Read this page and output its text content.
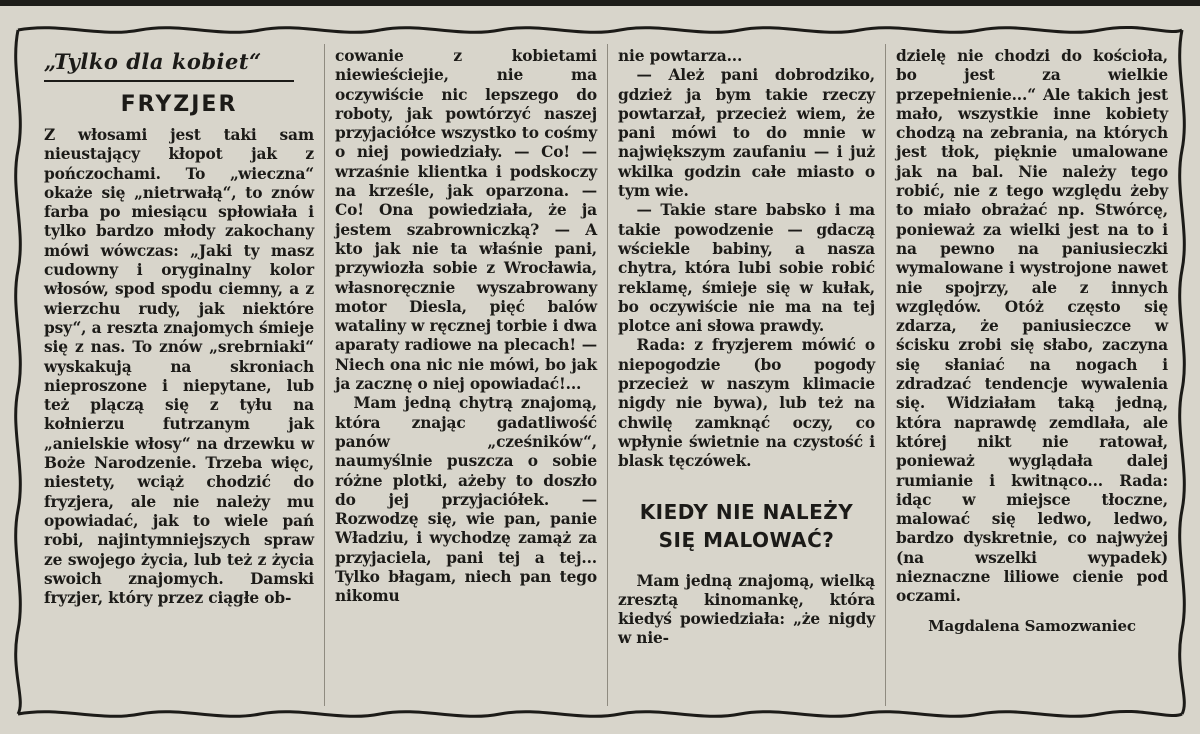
„Tylko dla kobiet“
FRYZJER

Z włosami jest taki sam nieustający kłopot jak z pończochami. To „wieczna“ okaże się „nietrwałą“, to znów farba po miesiącu spłowiała i tylko bardzo młody zakochany mówi wówczas: „Jaki ty masz cudowny i oryginalny kolor włosów, spod spodu ciemny, a z wierzchu rudy, jak niektóre psy“, a reszta znajomych śmieje się z nas. To znów „srebrniaki“ wyskakują na skroniach nieproszone i niepytane, lub też plączą się z tyłu na kołnierzu futrzanym jak „anielskie włosy“ na drzewku w Boże Narodzenie. Trzeba więc, niestety, wciąż chodzić do fryzjera, ale nie należy mu opowiadać, jak to wiele pań robi, najintymniejszych spraw ze swojego życia, lub też z życia swoich znajomych. Damski fryzjer, który przez ciągłe ob-

cowanie z kobietami niewieściejie, nie ma oczywiście nic lepszego do roboty, jak powtórzyć naszej przyjaciółce wszystko to cośmy o niej powiedziały. — Co! — wrzaśnie klientka i podskoczy na krześle, jak oparzona. — Co! Ona powiedziała, że ja jestem szabrowniczką? — A kto jak nie ta właśnie pani, przywiozła sobie z Wrocławia, własnoręcznie wyszabrowany motor Diesla, pięć balów wataliny w ręcznej torbie i dwa aparaty radiowe na plecach! — Niech ona nic nie mówi, bo jak ja zacznę o niej opowiadać!...

Mam jedną chytrą znajomą, która znając gadatliwość panów „cześników“, naumyślnie puszcza o sobie różne plotki, ażeby to doszło do jej przyjaciółek. — Rozwodzę się, wie pan, panie Władziu, i wychodzę zamąż za przyjaciela, pani tej a tej... Tylko błagam, niech pan tego nikomu

nie powtarza...

— Ależ pani dobrodziko, gdzież ja bym takie rzeczy powtarzał, przecież wiem, że pani mówi to do mnie w największym zaufaniu — i już wkilka godzin całe miasto o tym wie.

— Takie stare babsko i ma takie powodzenie — gdaczą wściekle babiny, a nasza chytra, która lubi sobie robić reklamę, śmieje się w kułak, bo oczywiście nie ma na tej plotce ani słowa prawdy.

Rada: z fryzjerem mówić o niepogodzie (bo pogody przecież w naszym klimacie nigdy nie bywa), lub też na chwilę zamknąć oczy, co wpłynie świetnie na czystość i blask tęczówek.

KIEDY NIE NALEŻY SIĘ MALOWAĆ?

Mam jedną znajomą, wielką zresztą kinomankę, która kiedyś powiedziała: „że nigdy w nie-

dzielę nie chodzi do kościoła, bo jest za wielkie przepełnienie...“ Ale takich jest mało, wszystkie inne kobiety chodzą na zebrania, na których jest tłok, pięknie umalowane jak na bal. Nie należy tego robić, nie z tego względu żeby to miało obrażać np. Stwórcę, ponieważ za wielki jest na to i na pewno na paniusieczki wymalowane i wystrojone nawet nie spojrzy, ale z innych względów. Otóż często się zdarza, że paniusieczce w ścisku zrobi się słabo, zaczyna się słaniać na nogach i zdradzać tendencje wywalenia się. Widziałam taką jedną, która naprawdę zemdlała, ale której nikt nie ratował, ponieważ wyglądała dalej rumianie i kwitnąco... Rada: idąc w miejsce tłoczne, malować się ledwo, ledwo, bardzo dyskretnie, co najwyżej (na wszelki wypadek) nieznaczne liliowe cienie pod oczami.

Magdalena Samozwaniec
